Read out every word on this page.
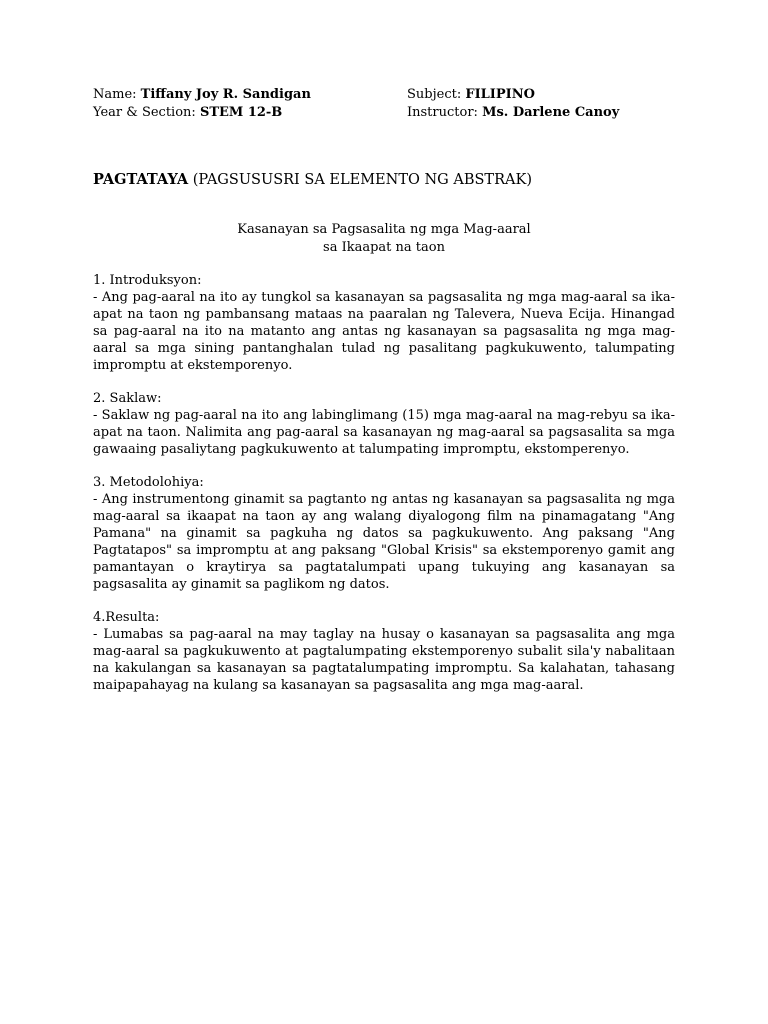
Name: Tiffany Joy R. Sandigan	Subject: FILIPINO
Year & Section: STEM 12-B	Instructor: Ms. Darlene Canoy
PAGTATAYA (PAGSUSUSRI SA ELEMENTO NG ABSTRAK)
Kasanayan sa Pagsasalita ng mga Mag-aaral
sa Ikaapat na taon
1. Introduksyon:
- Ang pag-aaral na ito ay tungkol sa kasanayan sa pagsasalita ng mga mag-aaral sa ika-apat na taon ng pambansang mataas na paaralan ng Talevera, Nueva Ecija. Hinangad sa pag-aaral na ito na matanto ang antas ng kasanayan sa pagsasalita ng mga mag-aaral sa mga sining pantanghalan tulad ng pasalitang pagkukuwento, talumpating impromptu at ekstemporenyo.
2. Saklaw:
- Saklaw ng pag-aaral na ito ang labinglimang (15) mga mag-aaral na mag-rebyu sa ika-apat na taon. Nalimita ang pag-aaral sa kasanayan ng mag-aaral sa pagsasalita sa mga gawaaing pasaliytang pagkukuwento at talumpating impromptu, ekstomperenyo.
3. Metodolohiya:
- Ang instrumentong ginamit sa pagtanto ng antas ng kasanayan sa pagsasalita ng mga mag-aaral sa ikaapat na taon ay ang walang diyalogong film na pinamagatang "Ang Pamana" na ginamit sa pagkuha ng datos sa pagkukuwento. Ang paksang "Ang Pagtatapos" sa impromptu at ang paksang "Global Krisis" sa ekstemporenyo gamit ang pamantayan o kraytirya sa pagtatalumpati upang tukuying ang kasanayan sa pagsasalita ay ginamit sa paglikom ng datos.
4.Resulta:
- Lumabas sa pag-aaral na may taglay na husay o kasanayan sa pagsasalita ang mga mag-aaral sa pagkukuwento at pagtalumpating ekstemporenyo subalit sila'y nabalitaan na kakulangan sa kasanayan sa pagtatalumpating impromptu. Sa kalahatan, tahasang maipapahayag na kulang sa kasanayan sa pagsasalita ang mga mag-aaral.
